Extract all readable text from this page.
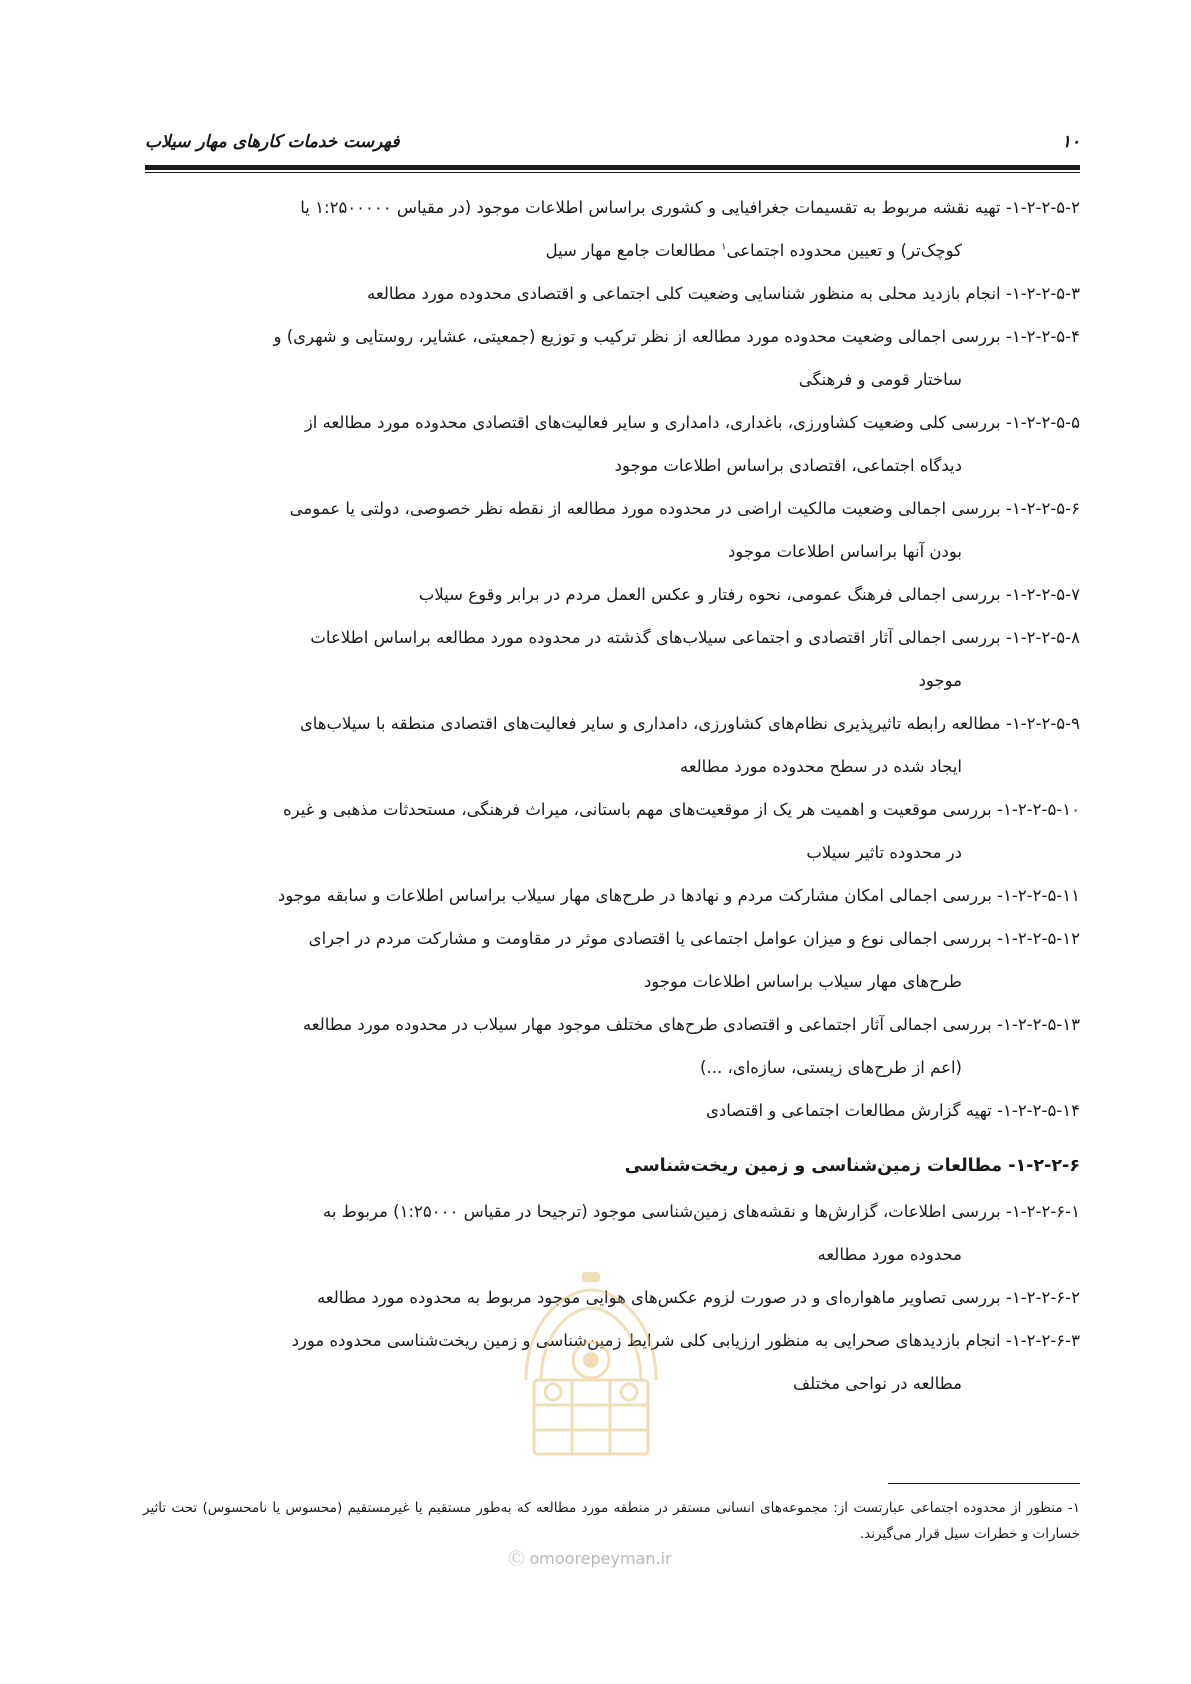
۱۰
فهرست خدمات کارهای مهار سیلاب
۱-۲-۲-۵-۲- تهیه نقشه مربوط به تقسیمات جغرافیایی و کشوری براساس اطلاعات موجود (در مقیاس ۱:۲۵۰۰۰۰۰ یا
کوچک‌تر) و تعیین محدوده اجتماعی$^۱$ مطالعات جامع مهار سیل
۱-۲-۲-۵-۳- انجام بازدید محلی به منظور شناسایی وضعیت کلی اجتماعی و اقتصادی محدوده مورد مطالعه
۱-۲-۲-۵-۴- بررسی اجمالی وضعیت محدوده مورد مطالعه از نظر ترکیب و توزیع (جمعیتی، عشایر، روستایی و شهری) و
ساختار قومی و فرهنگی
۱-۲-۲-۵-۵- بررسی کلی وضعیت کشاورزی، باغداری، دامداری و سایر فعالیت‌های اقتصادی محدوده مورد مطالعه از
دیدگاه اجتماعی، اقتصادی براساس اطلاعات موجود
۱-۲-۲-۵-۶- بررسی اجمالی وضعیت مالکیت اراضی در محدوده مورد مطالعه از نقطه نظر خصوصی، دولتی یا عمومی
بودن آنها براساس اطلاعات موجود
۱-۲-۲-۵-۷- بررسی اجمالی فرهنگ عمومی، نحوه رفتار و عکس العمل مردم در برابر وقوع سیلاب
۱-۲-۲-۵-۸- بررسی اجمالی آثار اقتصادی و اجتماعی سیلاب‌های گذشته در محدوده مورد مطالعه براساس اطلاعات
موجود
۱-۲-۲-۵-۹- مطالعه رابطه تاثیرپذیری نظام‌های کشاورزی، دامداری و سایر فعالیت‌های اقتصادی منطقه با سیلاب‌های
ایجاد شده در سطح محدوده مورد مطالعه
۱-۲-۲-۵-۱۰- بررسی موقعیت و اهمیت هر یک از موقعیت‌های مهم باستانی، میراث فرهنگی، مستحدثات مذهبی و غیره
در محدوده تاثیر سیلاب
۱-۲-۲-۵-۱۱- بررسی اجمالی امکان مشارکت مردم و نهادها در طرح‌های مهار سیلاب براساس اطلاعات و سابقه موجود
۱-۲-۲-۵-۱۲- بررسی اجمالی نوع و میزان عوامل اجتماعی یا اقتصادی موثر در مقاومت و مشارکت مردم در اجرای
طرح‌های مهار سیلاب براساس اطلاعات موجود
۱-۲-۲-۵-۱۳- بررسی اجمالی آثار اجتماعی و اقتصادی طرح‌های مختلف موجود مهار سیلاب در محدوده مورد مطالعه
(اعم از طرح‌های زیستی، سازه‌ای، ...)
۱-۲-۲-۵-۱۴- تهیه گزارش مطالعات اجتماعی و اقتصادی
۱-۲-۲-۶- مطالعات زمین‌شناسی و زمین ریخت‌شناسی
۱-۲-۲-۶-۱- بررسی اطلاعات، گزارش‌ها و نقشه‌های زمین‌شناسی موجود (ترجیحا در مقیاس ۱:۲۵۰۰۰) مربوط به
محدوده مورد مطالعه
۱-۲-۲-۶-۲- بررسی تصاویر ماهواره‌ای و در صورت لزوم عکس‌های هوایی موجود مربوط به محدوده مورد مطالعه
۱-۲-۲-۶-۳- انجام بازدیدهای صحرایی به منظور ارزیابی کلی شرایط زمین‌شناسی و زمین ریخت‌شناسی محدوده مورد
مطالعه در نواحی مختلف
Ⓒ omoorepeyman.ir
۱- منظور از محدوده اجتماعی عبارتست از: مجموعه‌های انسانی مستقر در منطقه مورد مطالعه که به‌طور مستقیم یا غیرمستقیم (محسوس یا نامحسوس) تحت تاثیر خسارات و خطرات سیل قرار می‌گیرند.
